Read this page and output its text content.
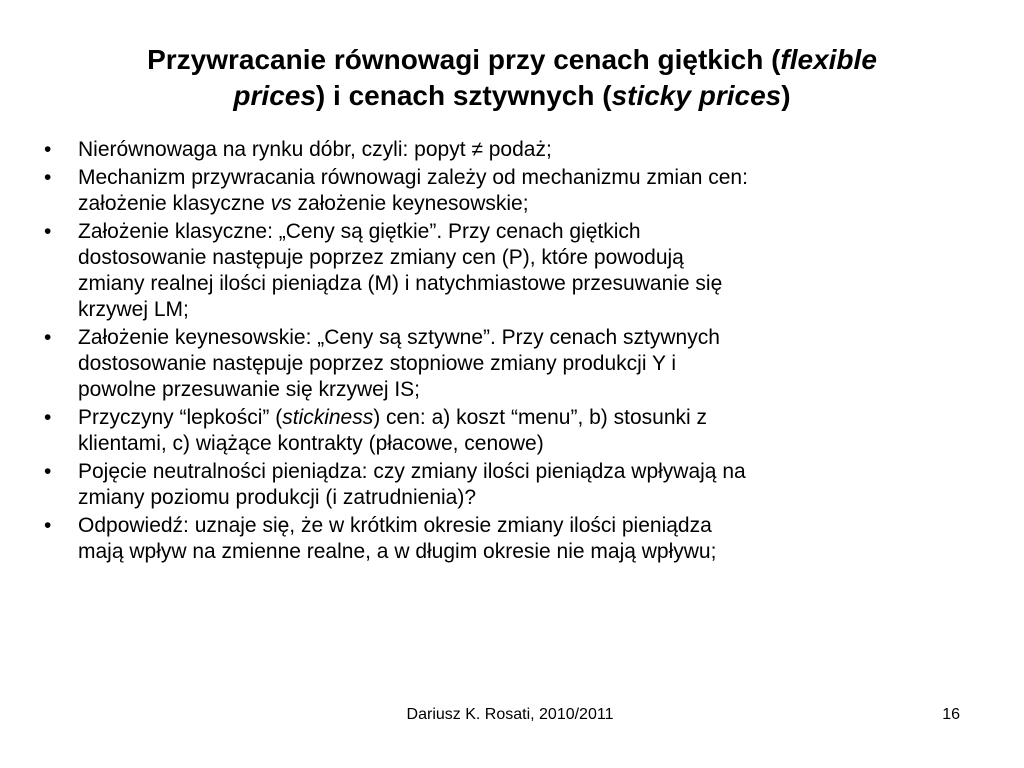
Przywracanie równowagi przy cenach giętkich (flexible
prices) i cenach sztywnych (sticky prices)
• Nierównowaga na rynku dóbr, czyli: popyt ≠ podaż;
• Mechanizm przywracania równowagi zależy od mechanizmu zmian cen:
założenie klasyczne vs założenie keynesowskie;
• Założenie klasyczne: „Ceny są giętkie”. Przy cenach giętkich
dostosowanie następuje poprzez zmiany cen (P), które powodują
zmiany realnej ilości pieniądza (M) i natychmiastowe przesuwanie się
krzywej LM;
• Założenie keynesowskie: „Ceny są sztywne”. Przy cenach sztywnych
dostosowanie następuje poprzez stopniowe zmiany produkcji Y i
powolne przesuwanie się krzywej IS;
• Przyczyny “lepkości” (stickiness) cen: a) koszt “menu”, b) stosunki z
klientami, c) wiążące kontrakty (płacowe, cenowe)
• Pojęcie neutralności pieniądza: czy zmiany ilości pieniądza wpływają na
zmiany poziomu produkcji (i zatrudnienia)?
• Odpowiedź: uznaje się, że w krótkim okresie zmiany ilości pieniądza
mają wpływ na zmienne realne, a w długim okresie nie mają wpływu;
Dariusz K. Rosati, 2010/2011	16
